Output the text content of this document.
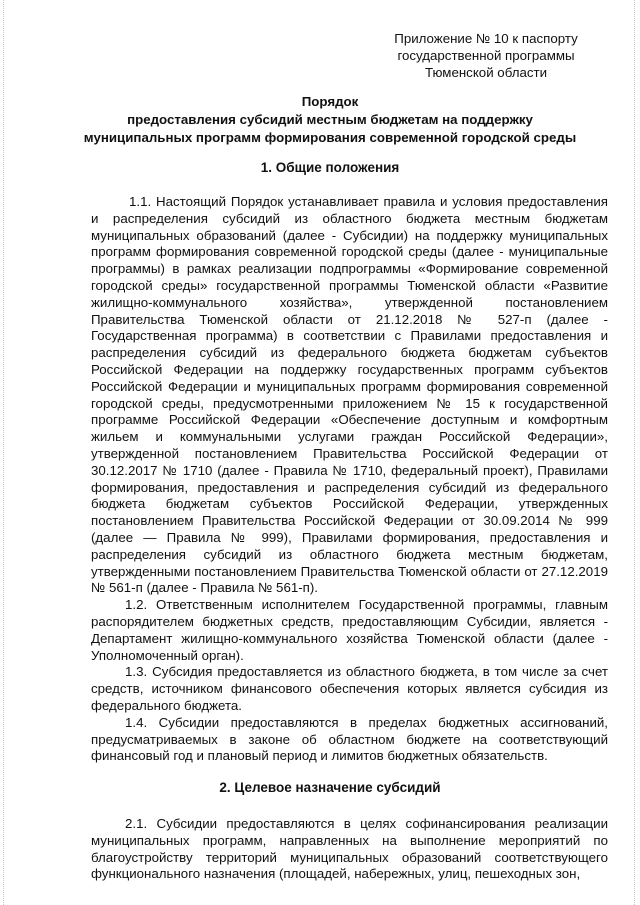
Приложение № 10 к паспорту
государственной программы
Тюменской области
Порядок
предоставления субсидий местным бюджетам на поддержку
муниципальных программ формирования современной городской среды
1. Общие положения

1.1. Настоящий Порядок устанавливает правила и условия предоставления и распределения субсидий из областного бюджета местным бюджетам муниципальных образований (далее - Субсидии) на поддержку муниципальных программ формирования современной городской среды (далее - муниципальные программы) в рамках реализации подпрограммы «Формирование современной городской среды» государственной программы Тюменской области «Развитие жилищно-коммунального хозяйства», утвержденной постановлением Правительства Тюменской области от 21.12.2018 № 527-п (далее - Государственная программа) в соответствии с Правилами предоставления и распределения субсидий из федерального бюджета бюджетам субъектов Российской Федерации на поддержку государственных программ субъектов Российской Федерации и муниципальных программ формирования современной городской среды, предусмотренными приложением № 15 к государственной программе Российской Федерации «Обеспечение доступным и комфортным жильем и коммунальными услугами граждан Российской Федерации», утвержденной постановлением Правительства Российской Федерации от 30.12.2017 № 1710 (далее - Правила № 1710, федеральный проект), Правилами формирования, предоставления и распределения субсидий из федерального бюджета бюджетам субъектов Российской Федерации, утвержденных постановлением Правительства Российской Федерации от 30.09.2014 № 999 (далее — Правила № 999), Правилами формирования, предоставления и распределения субсидий из областного бюджета местным бюджетам, утвержденными постановлением Правительства Тюменской области от 27.12.2019 № 561-п (далее - Правила № 561-п).

1.2. Ответственным исполнителем Государственной программы, главным распорядителем бюджетных средств, предоставляющим Субсидии, является - Департамент жилищно-коммунального хозяйства Тюменской области (далее - Уполномоченный орган).

1.3. Субсидия предоставляется из областного бюджета, в том числе за счет средств, источником финансового обеспечения которых является субсидия из федерального бюджета.

1.4. Субсидии предоставляются в пределах бюджетных ассигнований, предусматриваемых в законе об областном бюджете на соответствующий финансовый год и плановый период и лимитов бюджетных обязательств.

2. Целевое назначение субсидий

2.1. Субсидии предоставляются в целях софинансирования реализации муниципальных программ, направленных на выполнение мероприятий по благоустройству территорий муниципальных образований соответствующего функционального назначения (площадей, набережных, улиц, пешеходных зон,
